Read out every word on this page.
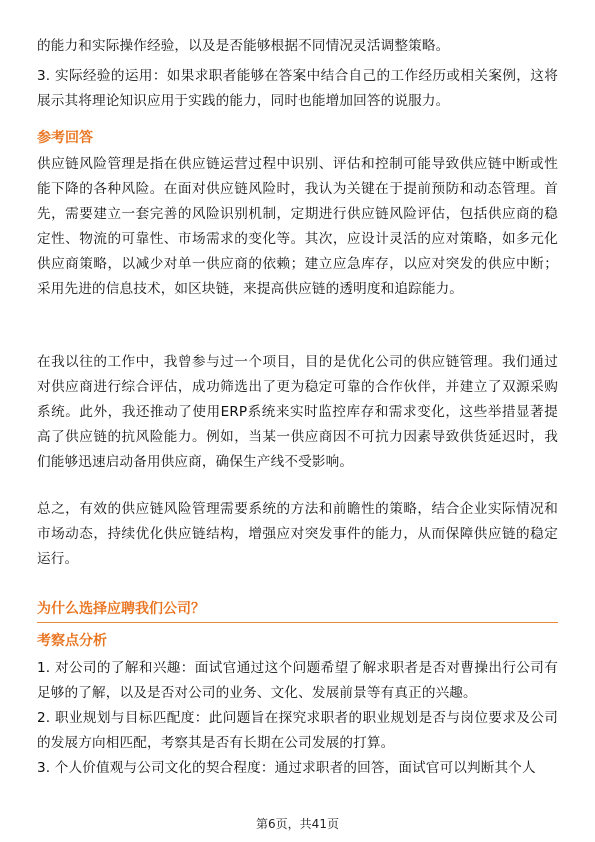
的能力和实际操作经验，以及是否能够根据不同情况灵活调整策略。

3. 实际经验的运用：如果求职者能够在答案中结合自己的工作经历或相关案例，这将展示其将理论知识应用于实践的能力，同时也能增加回答的说服力。

参考回答

供应链风险管理是指在供应链运营过程中识别、评估和控制可能导致供应链中断或性能下降的各种风险。在面对供应链风险时，我认为关键在于提前预防和动态管理。首先，需要建立一套完善的风险识别机制，定期进行供应链风险评估，包括供应商的稳定性、物流的可靠性、市场需求的变化等。其次，应设计灵活的应对策略，如多元化供应商策略，以减少对单一供应商的依赖；建立应急库存，以应对突发的供应中断；采用先进的信息技术，如区块链，来提高供应链的透明度和追踪能力。

在我以往的工作中，我曾参与过一个项目，目的是优化公司的供应链管理。我们通过对供应商进行综合评估，成功筛选出了更为稳定可靠的合作伙伴，并建立了双源采购系统。此外，我还推动了使用ERP系统来实时监控库存和需求变化，这些举措显著提高了供应链的抗风险能力。例如，当某一供应商因不可抗力因素导致供货延迟时，我们能够迅速启动备用供应商，确保生产线不受影响。

总之，有效的供应链风险管理需要系统的方法和前瞻性的策略，结合企业实际情况和市场动态，持续优化供应链结构，增强应对突发事件的能力，从而保障供应链的稳定运行。

为什么选择应聘我们公司？

考察点分析

1. 对公司的了解和兴趣：面试官通过这个问题希望了解求职者是否对曹操出行公司有足够的了解，以及是否对公司的业务、文化、发展前景等有真正的兴趣。

2. 职业规划与目标匹配度：此问题旨在探究求职者的职业规划是否与岗位要求及公司的发展方向相匹配，考察其是否有长期在公司发展的打算。

3. 个人价值观与公司文化的契合程度：通过求职者的回答，面试官可以判断其个人

第6页，共41页
